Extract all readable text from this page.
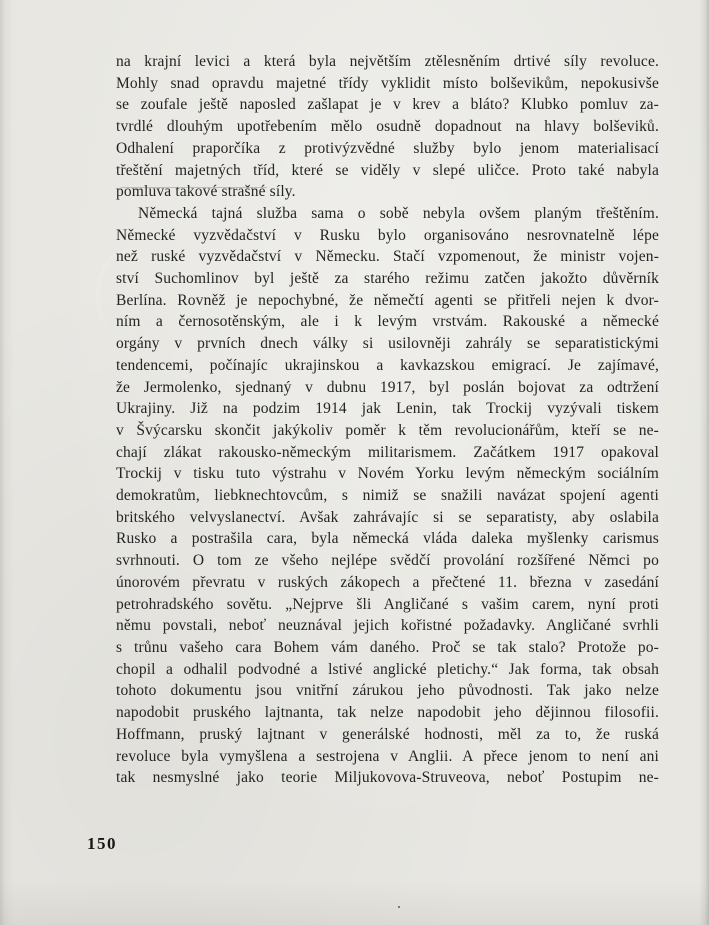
na krajní levici a která byla největším ztělesněním drtivé síly revoluce.
Mohly snad opravdu majetné třídy vyklidit místo bolševikům, nepokusivše
se zoufale ještě naposled zašlapat je v krev a bláto? Klubko pomluv za-
tvrdlé dlouhým upotřebením mělo osudně dopadnout na hlavy bolševiků.
Odhalení praporčíka z protivýzvědné služby bylo jenom materialisací
třeštění majetných tříd, které se viděly v slepé uličce. Proto také nabyla
pomluva takové strašné síly.
Německá tajná služba sama o sobě nebyla ovšem planým třeštěním.
Německé vyzvědačství v Rusku bylo organisováno nesrovnatelně lépe
než ruské vyzvědačství v Německu. Stačí vzpomenout, že ministr vojen-
ství Suchomlinov byl ještě za starého režimu zatčen jakožto důvěrník
Berlína. Rovněž je nepochybné, že němečtí agenti se přitřeli nejen k dvor-
ním a černosotěnským, ale i k levým vrstvám. Rakouské a německé
orgány v prvních dnech války si usilovněji zahrály se separatistickými
tendencemi, počínajíc ukrajinskou a kavkazskou emigrací. Je zajímavé,
že Jermolenko, sjednaný v dubnu 1917, byl poslán bojovat za odtržení
Ukrajiny. Již na podzim 1914 jak Lenin, tak Trockij vyzývali tiskem
v Švýcarsku skončit jakýkoliv poměr k těm revolucionářům, kteří se ne-
chají zlákat rakousko-německým militarismem. Začátkem 1917 opakoval
Trockij v tisku tuto výstrahu v Novém Yorku levým německým sociálním
demokratům, liebknechtovcům, s nimiž se snažili navázat spojení agenti
britského velvyslanectví. Avšak zahrávajíc si se separatisty, aby oslabila
Rusko a postrašila cara, byla německá vláda daleka myšlenky carismus
svrhnouti. O tom ze všeho nejlépe svědčí provolání rozšířené Němci po
únorovém převratu v ruských zákopech a přečtené 11. března v zasedání
petrohradského sovětu. „Nejprve šli Angličané s vašim carem, nyní proti
němu povstali, neboť neuznával jejich kořistné požadavky. Angličané svrhli
s trůnu vašeho cara Bohem vám daného. Proč se tak stalo? Protože po-
chopil a odhalil podvodné a lstivé anglické pletichy.“ Jak forma, tak obsah
tohoto dokumentu jsou vnitřní zárukou jeho původnosti. Tak jako nelze
napodobit pruského lajtnanta, tak nelze napodobit jeho dějinnou filosofii.
Hoffmann, pruský lajtnant v generálské hodnosti, měl za to, že ruská
revoluce byla vymyšlena a sestrojena v Anglii. A přece jenom to není ani
tak nesmyslné jako teorie Miljukovova-Struveova, neboť Postupim ne-
150
